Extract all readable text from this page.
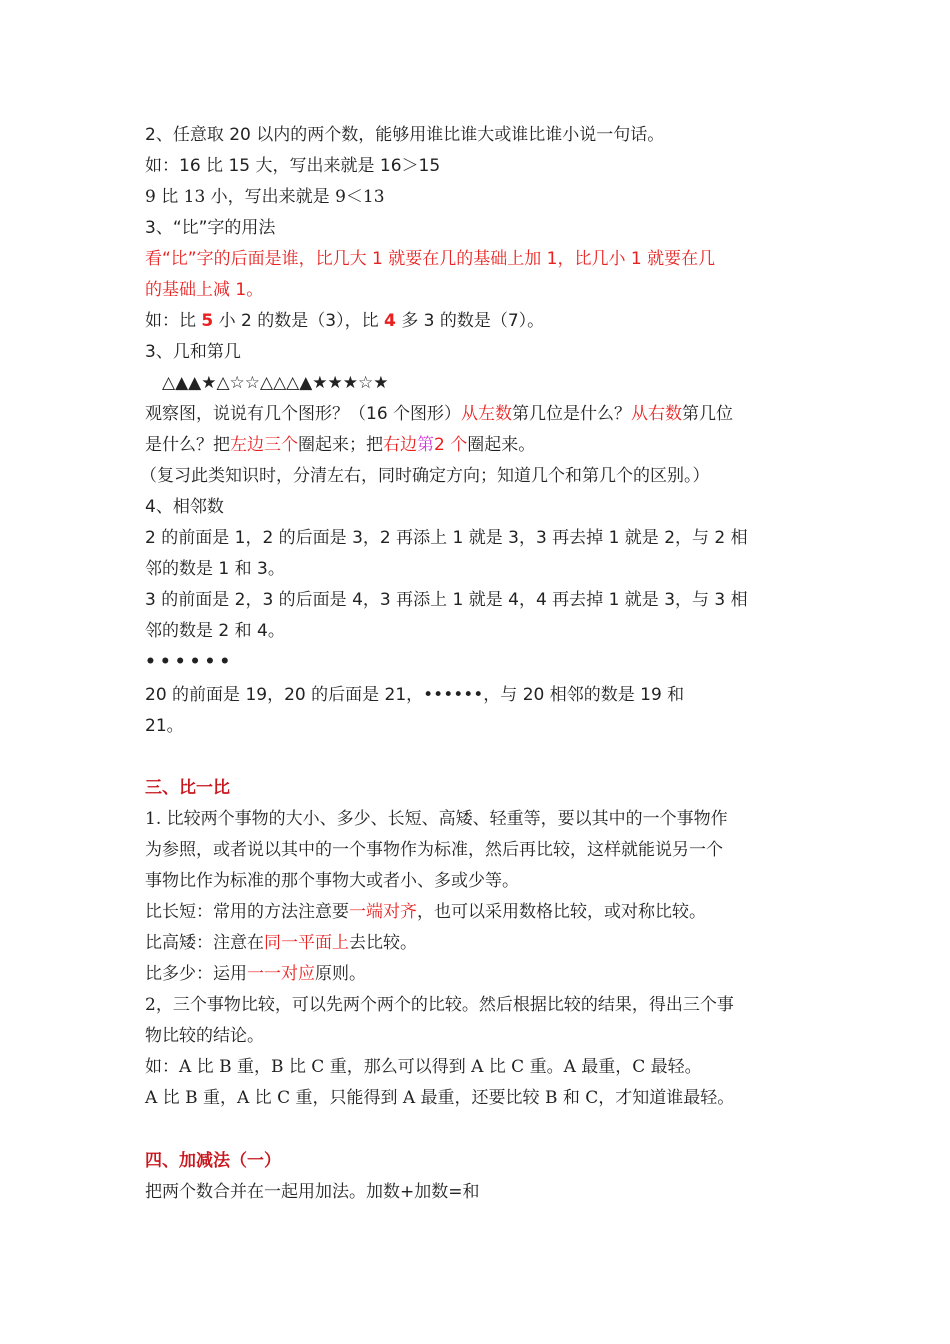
2、任意取 20 以内的两个数，能够用谁比谁大或谁比谁小说一句话。
如：16 比 15 大，写出来就是 16＞15
9 比 13 小，写出来就是 9＜13
3、“比”字的用法
看“比”字的后面是谁，比几大 1 就要在几的基础上加 1，比几小 1 就要在几
的基础上减 1。
如：比 5 小 2 的数是（3），比 4 多 3 的数是（7）。
3、几和第几
△▲▲★△☆☆△△△▲★★★☆★
观察图，说说有几个图形？（16 个图形）从左数第几位是什么？从右数第几位
是什么？把左边三个圈起来；把右边第2 个圈起来。
（复习此类知识时，分清左右，同时确定方向；知道几个和第几个的区别。）
4、相邻数
2 的前面是 1，2 的后面是 3，2 再添上 1 就是 3，3 再去掉 1 就是 2，与 2 相
邻的数是 1 和 3。
3 的前面是 2，3 的后面是 4，3 再添上 1 就是 4，4 再去掉 1 就是 3，与 3 相
邻的数是 2 和 4。
••••••
20 的前面是 19，20 的后面是 21，••••••，与 20 相邻的数是 19 和
21。
三、比一比
1. 比较两个事物的大小、多少、长短、高矮、轻重等，要以其中的一个事物作
为参照，或者说以其中的一个事物作为标准，然后再比较，这样就能说另一个
事物比作为标准的那个事物大或者小、多或少等。
比长短：常用的方法注意要一端对齐，也可以采用数格比较，或对称比较。
比高矮：注意在同一平面上去比较。
比多少：运用一一对应原则。
2，三个事物比较，可以先两个两个的比较。然后根据比较的结果，得出三个事
物比较的结论。
如：A 比 B 重，B 比 C 重，那么可以得到 A 比 C 重。A 最重，C 最轻。
A 比 B 重，A 比 C 重，只能得到 A 最重，还要比较 B 和 C，才知道谁最轻。
四、加减法（一）
把两个数合并在一起用加法。加数+加数=和
